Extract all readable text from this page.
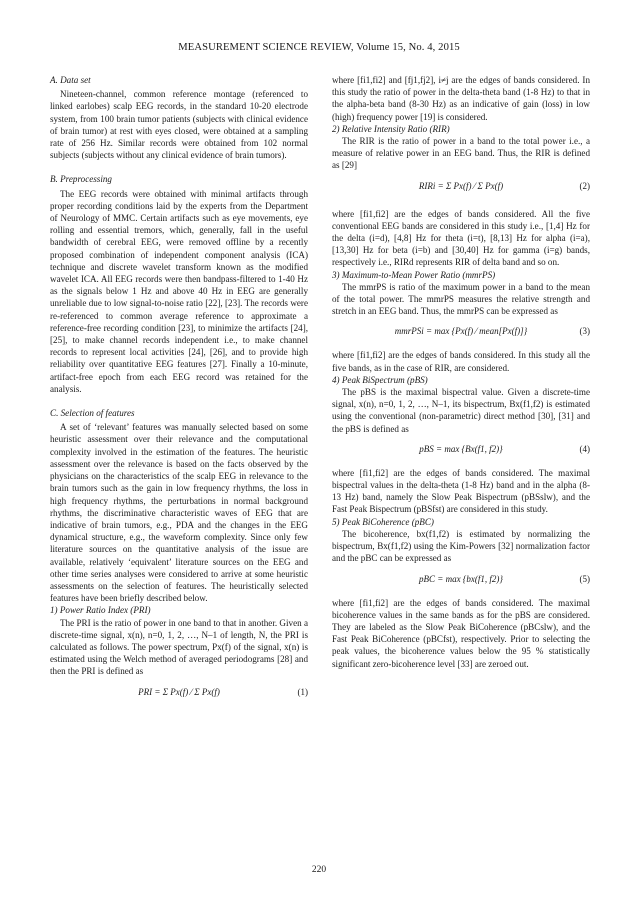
MEASUREMENT SCIENCE REVIEW, Volume 15, No. 4, 2015
A. Data set

Nineteen-channel, common reference montage (referenced to linked earlobes) scalp EEG records, in the standard 10-20 electrode system, from 100 brain tumor patients (subjects with clinical evidence of brain tumor) at rest with eyes closed, were obtained at a sampling rate of 256 Hz. Similar records were obtained from 102 normal subjects (subjects without any clinical evidence of brain tumors).

B. Preprocessing

The EEG records were obtained with minimal artifacts through proper recording conditions laid by the experts from the Department of Neurology of MMC. Certain artifacts such as eye movements, eye rolling and essential tremors, which, generally, fall in the useful bandwidth of cerebral EEG, were removed offline by a recently proposed combination of independent component analysis (ICA) technique and discrete wavelet transform known as the modified wavelet ICA. All EEG records were then bandpass-filtered to 1-40 Hz as the signals below 1 Hz and above 40 Hz in EEG are generally unreliable due to low signal-to-noise ratio [22], [23]. The records were re-referenced to common average reference to approximate a reference-free recording condition [23], to minimize the artifacts [24], [25], to make channel records independent i.e., to make channel records to represent local activities [24], [26], and to provide high reliability over quantitative EEG features [27]. Finally a 10-minute, artifact-free epoch from each EEG record was retained for the analysis.

C. Selection of features

A set of ‘relevant’ features was manually selected based on some heuristic assessment over their relevance and the computational complexity involved in the estimation of the features. The heuristic assessment over the relevance is based on the facts observed by the physicians on the characteristics of the scalp EEG in relevance to the brain tumors such as the gain in low frequency rhythms, the loss in high frequency rhythms, the perturbations in normal background rhythms, the discriminative characteristic waves of EEG that are indicative of brain tumors, e.g., PDA and the changes in the EEG dynamical structure, e.g., the waveform complexity. Since only few literature sources on the quantitative analysis of the issue are available, relatively ‘equivalent’ literature sources on the EEG and other time series analyses were considered to arrive at some heuristic assessments on the selection of features. The heuristically selected features have been briefly described below.

1) Power Ratio Index (PRI)

The PRI is the ratio of power in one band to that in another. Given a discrete-time signal, x(n), n=0, 1, 2, …, N–1 of length, N, the PRI is calculated as follows. The power spectrum, Px(f) of the signal, x(n) is estimated using the Welch method of averaged periodograms [28] and then the PRI is defined as

PRI = Σ Px(f) ⁄ Σ Px(f)	(1)

where [fi1,fi2] and [fj1,fj2], i≠j are the edges of bands considered. In this study the ratio of power in the delta-theta band (1-8 Hz) to that in the alpha-beta band (8-30 Hz) as an indicative of gain (loss) in low (high) frequency power [19] is considered.

2) Relative Intensity Ratio (RIR)

The RIR is the ratio of power in a band to the total power i.e., a measure of relative power in an EEG band. Thus, the RIR is defined as [29]

RIRi = Σ Px(f) ⁄ Σ Px(f)	(2)

where [fi1,fi2] are the edges of bands considered. All the five conventional EEG bands are considered in this study i.e., [1,4] Hz for the delta (i=d), [4,8] Hz for theta (i=t), [8,13] Hz for alpha (i=a), [13,30] Hz for beta (i=b) and [30,40] Hz for gamma (i=g) bands, respectively i.e., RIRd represents RIR of delta band and so on.

3) Maximum-to-Mean Power Ratio (mmrPS)

The mmrPS is ratio of the maximum power in a band to the mean of the total power. The mmrPS measures the relative strength and stretch in an EEG band. Thus, the mmrPS can be expressed as

mmrPSi = max {Px(f) ⁄ mean[Px(f)]}	(3)

where [fi1,fi2] are the edges of bands considered. In this study all the five bands, as in the case of RIR, are considered.

4) Peak BiSpectrum (pBS)

The pBS is the maximal bispectral value. Given a discrete-time signal, x(n), n=0, 1, 2, …, N–1, its bispectrum, Bx(f1,f2) is estimated using the conventional (non-parametric) direct method [30], [31] and the pBS is defined as

pBS = max {Bx(f1, f2)}	(4)

where [fi1,fi2] are the edges of bands considered. The maximal bispectral values in the delta-theta (1-8 Hz) band and in the alpha (8-13 Hz) band, namely the Slow Peak Bispectrum (pBSslw), and the Fast Peak Bispectrum (pBSfst) are considered in this study.

5) Peak BiCoherence (pBC)

The bicoherence, bx(f1,f2) is estimated by normalizing the bispectrum, Bx(f1,f2) using the Kim-Powers [32] normalization factor and the pBC can be expressed as

pBC = max {bx(f1, f2)}	(5)

where [fi1,fi2] are the edges of bands considered. The maximal bicoherence values in the same bands as for the pBS are considered. They are labeled as the Slow Peak BiCoherence (pBCslw), and the Fast Peak BiCoherence (pBCfst), respectively. Prior to selecting the peak values, the bicoherence values below the 95 % statistically significant zero-bicoherence level [33] are zeroed out.

220
